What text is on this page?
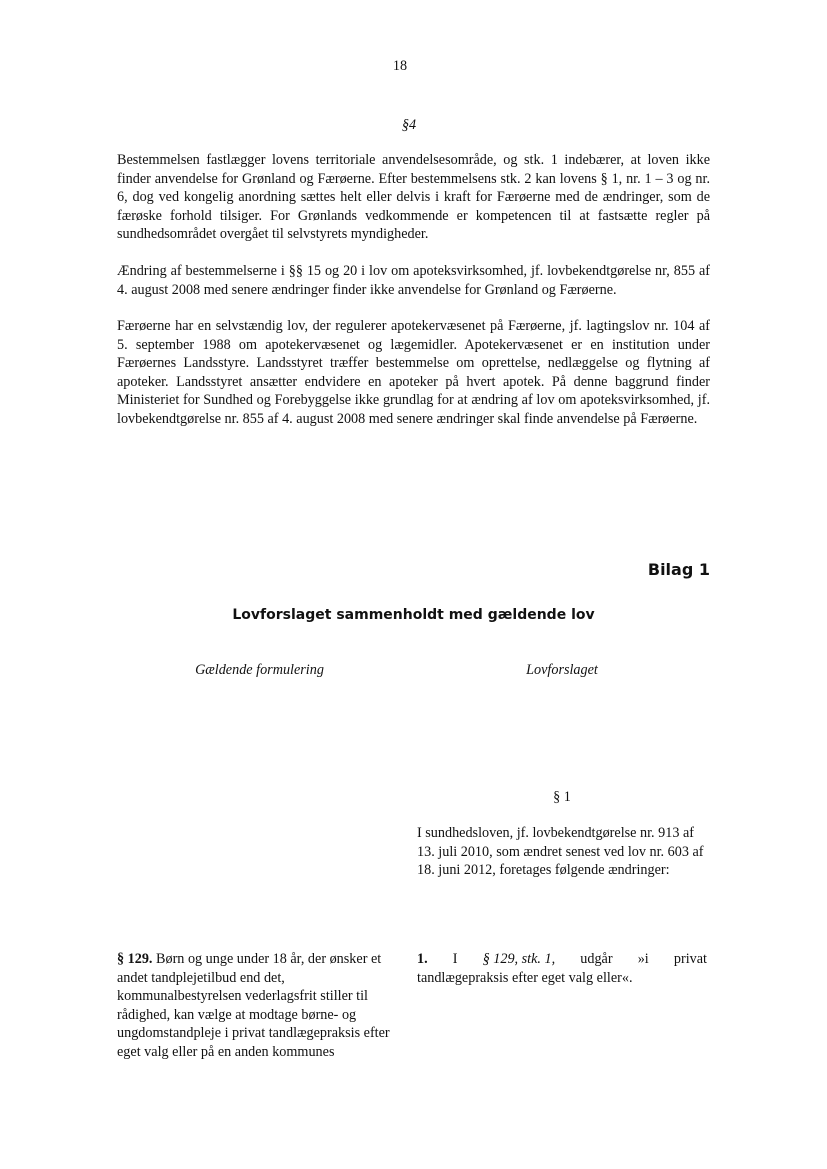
18
§4
Bestemmelsen fastlægger lovens territoriale anvendelsesområde, og stk. 1 indebærer, at loven ikke finder anvendelse for Grønland og Færøerne. Efter bestemmelsens stk. 2 kan lovens § 1, nr. 1 – 3 og nr. 6, dog ved kongelig anordning sættes helt eller delvis i kraft for Færøerne med de ændringer, som de færøske forhold tilsiger. For Grønlands vedkommende er kompetencen til at fastsætte regler på sundhedsområdet overgået til selvstyrets myndigheder.
Ændring af bestemmelserne i §§ 15 og 20 i lov om apoteksvirksomhed, jf. lovbekendtgørelse nr, 855 af 4. august 2008 med senere ændringer finder ikke anvendelse for Grønland og Færøerne.
Færøerne har en selvstændig lov, der regulerer apotekervæsenet på Færøerne, jf. lagtingslov nr. 104 af 5. september 1988 om apotekervæsenet og lægemidler. Apotekervæsenet er en institution under Færøernes Landsstyre. Landsstyret træffer bestemmelse om oprettelse, nedlæggelse og flytning af apoteker. Landsstyret ansætter endvidere en apoteker på hvert apotek. På denne baggrund finder Ministeriet for Sundhed og Forebyggelse ikke grundlag for at ændring af lov om apoteksvirksomhed, jf. lovbekendtgørelse nr. 855 af 4. august 2008 med senere ændringer skal finde anvendelse på Færøerne.
Bilag 1
Lovforslaget sammenholdt med gældende lov
Gældende formulering	Lovforslaget
§ 1
I sundhedsloven, jf. lovbekendtgørelse nr. 913 af 13. juli 2010, som ændret senest ved lov nr. 603 af 18. juni 2012, foretages følgende ændringer:
§ 129. Børn og unge under 18 år, der ønsker et andet tandplejetilbud end det, kommunalbestyrelsen vederlagsfrit stiller til rådighed, kan vælge at modtage børne- og ungdomstandpleje i privat tandlægepraksis efter eget valg eller på en anden kommunes
1. I § 129, stk. 1, udgår »i privat
tandlægepraksis efter eget valg eller«.
